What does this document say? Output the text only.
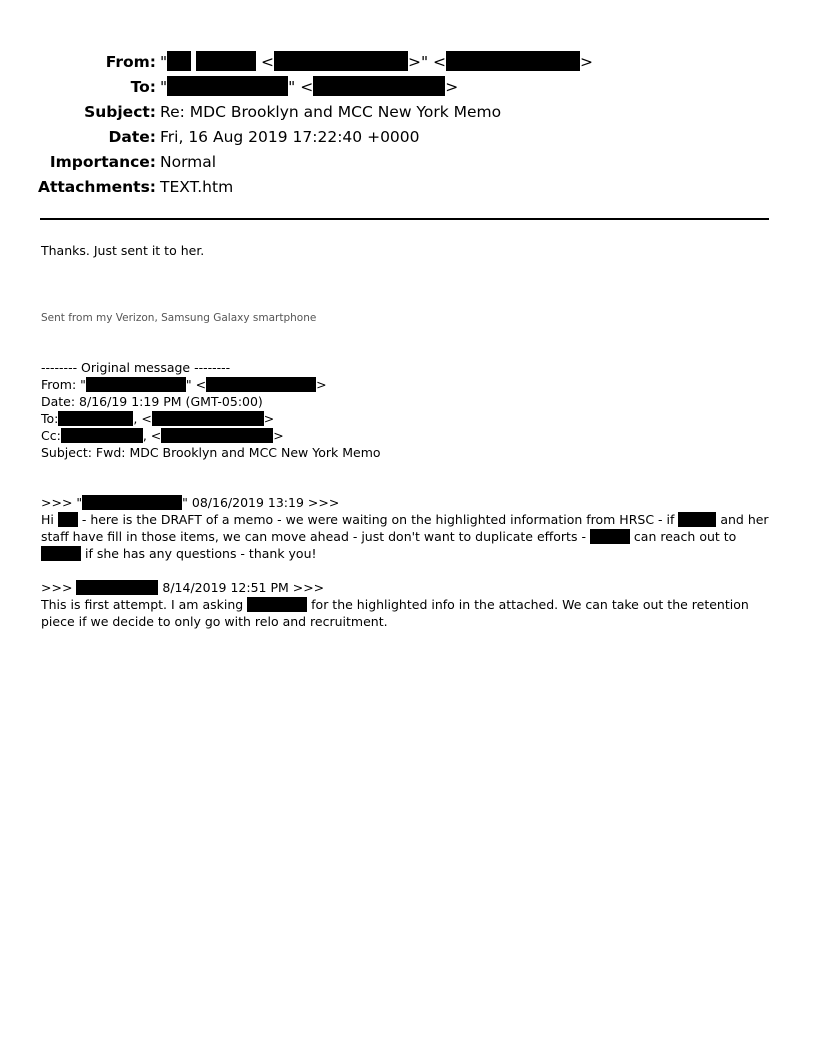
From: "	<	>" <	>
To: "	" <	>
Subject: Re: MDC Brooklyn and MCC New York Memo
Date: Fri, 16 Aug 2019 17:22:40 +0000
Importance: Normal
Attachments: TEXT.htm
Thanks. Just sent it to her.
Sent from my Verizon, Samsung Galaxy smartphone
-------- Original message --------
From: "	" <	>
Date: 8/16/19 1:19 PM (GMT-05:00)
To:	, <	>
Cc:	, <	>
Subject: Fwd: MDC Brooklyn and MCC New York Memo
>>> "	" 08/16/2019 13:19 >>>
Hi  - here is the DRAFT of a memo - we were waiting on the highlighted information from HRSC - if	and her staff have fill in those items, we can move ahead - just don't want to duplicate efforts -	can reach out to  if she has any questions - thank you!
>>>	8/14/2019 12:51 PM >>>
This is first attempt. I am asking	for the highlighted info in the attached. We can take out the retention piece if we decide to only go with relo and recruitment.
